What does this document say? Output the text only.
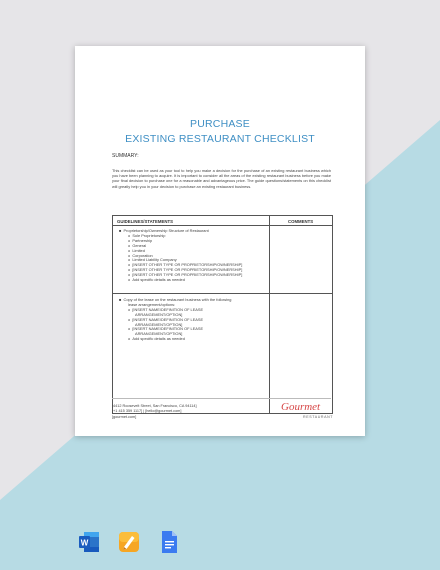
PURCHASE
EXISTING RESTAURANT CHECKLIST
SUMMARY:
This checklist can be used as your tool to help you make a decision for the purchase of an existing restaurant business which you have been planning to acquire. It is important to consider all the areas of the existing restaurant business before you make your final decision to purchase one for a reasonable and advantageous price. The guide questions/statements on this checklist will greatly help you in your decision to purchase an existing restaurant business.
GUIDELINES/STATEMENTS	COMMENTS
■  Proprietorship/Ownership Structure of Restaurant
o  Sole Proprietorship
o  Partnership
o  General
o  Limited
o  Corporation
o  Limited Liability Company
o  [INSERT OTHER TYPE OR PROPRIETORSHIP/OWNERSHIP]
o  [INSERT OTHER TYPE OR PROPRIETORSHIP/OWNERSHIP]
o  [INSERT OTHER TYPE OR PROPRIETORSHIP/OWNERSHIP]
o  Add specific details as needed
■  Copy of the lease on the restaurant business with the following
lease arrangement/options:
o  [INSERT NAME/DEFINITION OF LEASE
ARRANGEMENT/OPTION]
o  [INSERT NAME/DEFINITION OF LEASE
ARRANGEMENT/OPTION]
o  [INSERT NAME/DEFINITION OF LEASE
ARRANGEMENT/OPTION]
o  Add specific details as needed
[4412 Roosevelt Street, San Francisco, CA 94114]
[+1 415 359 1117] | [hello@gourmet.com]
[gourmet.com]
Gourmet
RESTAURANT
W
